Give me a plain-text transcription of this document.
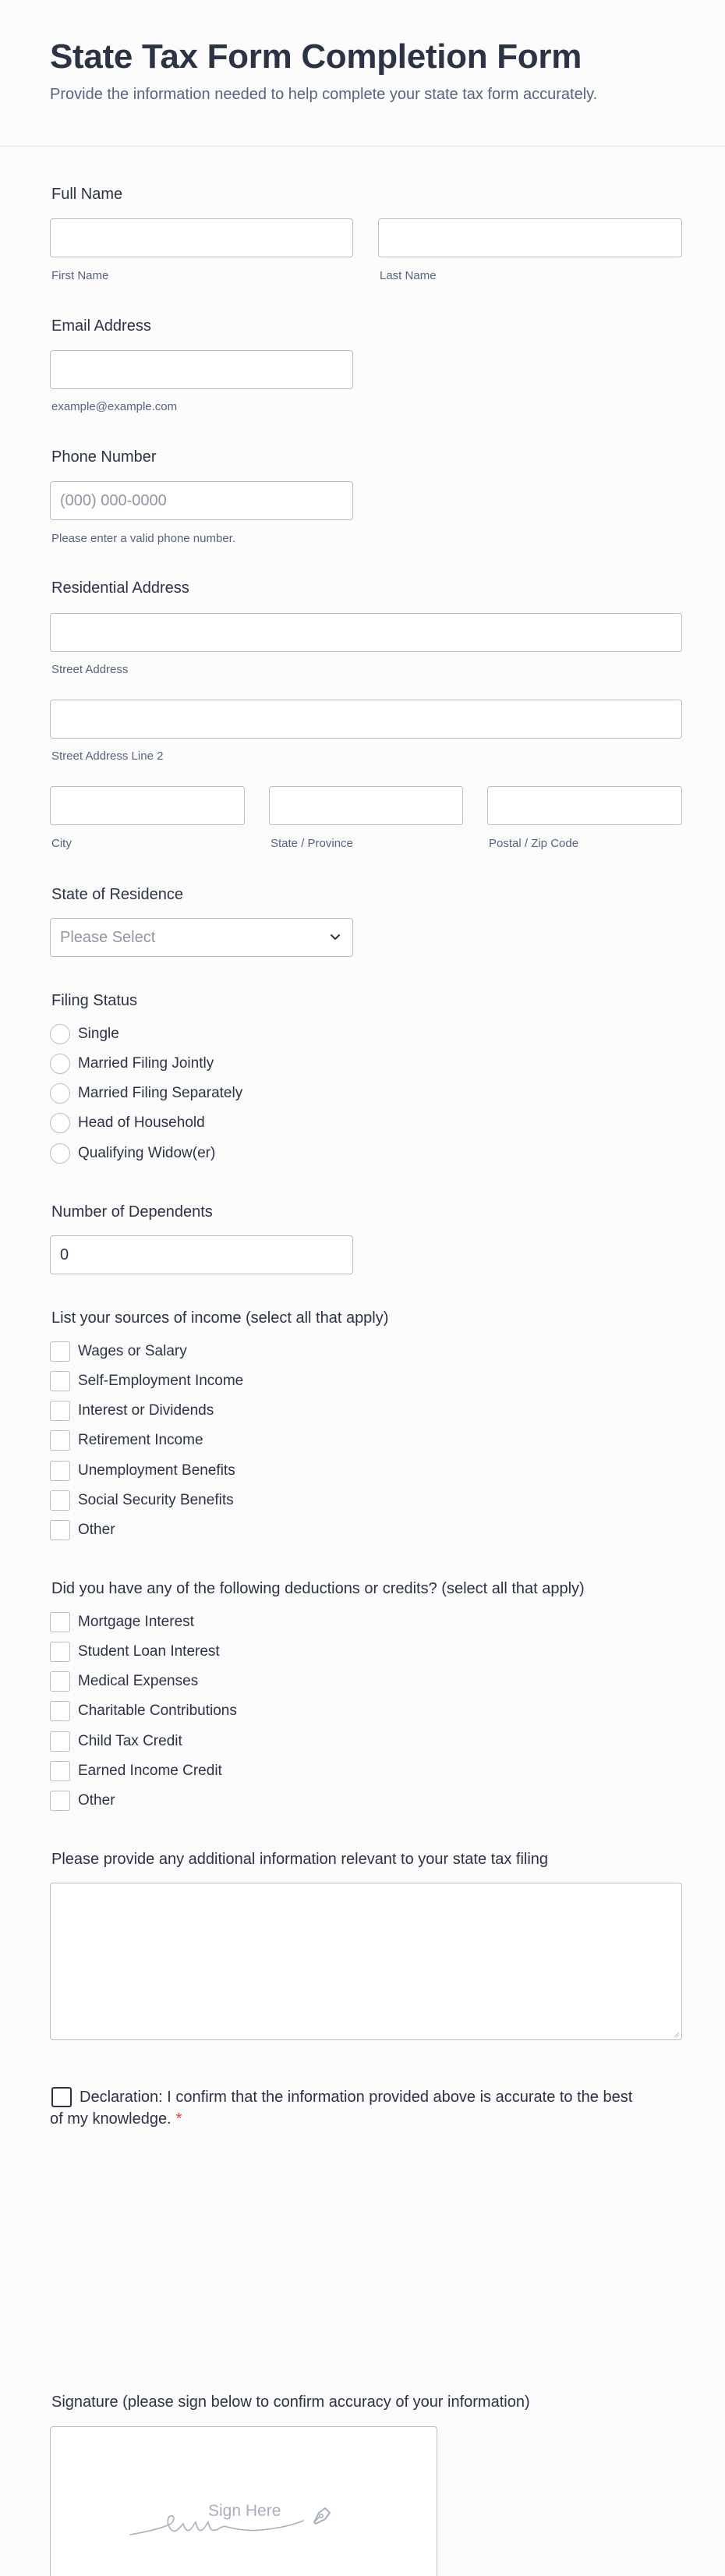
State Tax Form Completion Form

Provide the information needed to help complete your state tax form accurately.

Full Name
First Name	Last Name
Email Address
example@example.com
Phone Number
(000) 000-0000
Please enter a valid phone number.
Residential Address
Street Address
Street Address Line 2
City	State / Province	Postal / Zip Code
State of Residence
Please Select
Filing Status
Single
Married Filing Jointly
Married Filing Separately
Head of Household
Qualifying Widow(er)
Number of Dependents
0
List your sources of income (select all that apply)
Wages or Salary
Self-Employment Income
Interest or Dividends
Retirement Income
Unemployment Benefits
Social Security Benefits
Other
Did you have any of the following deductions or credits? (select all that apply)
Mortgage Interest
Student Loan Interest
Medical Expenses
Charitable Contributions
Child Tax Credit
Earned Income Credit
Other
Please provide any additional information relevant to your state tax filing

Declaration: I confirm that the information provided above is accurate to the best of my knowledge. *

Signature (please sign below to confirm accuracy of your information)
Sign Here
